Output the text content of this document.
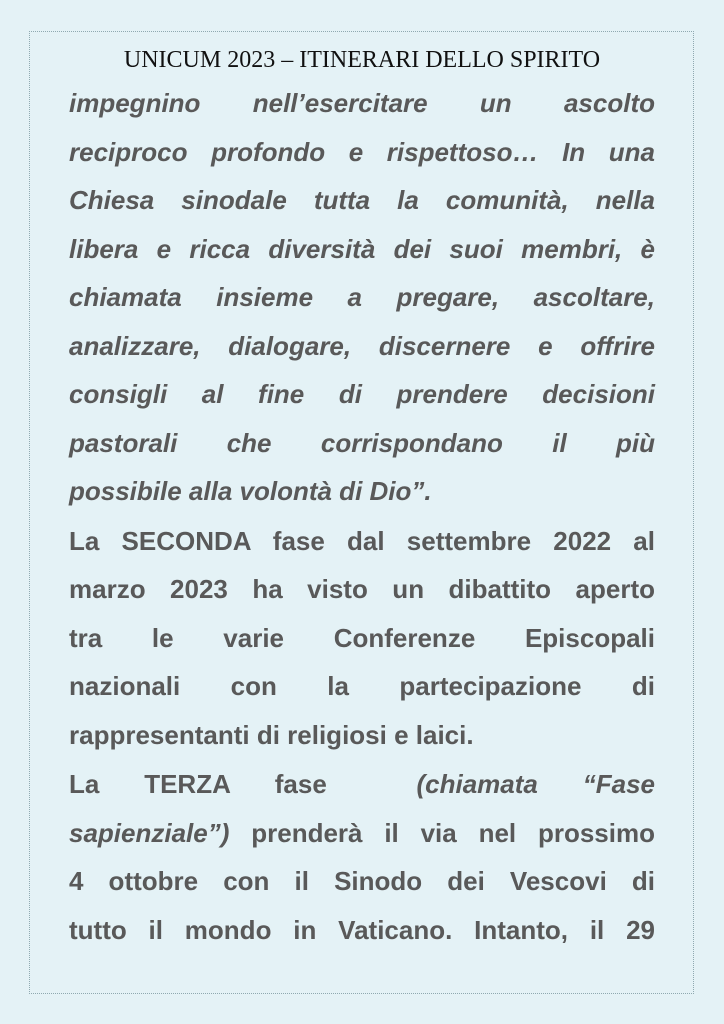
UNICUM 2023 – ITINERARI DELLO SPIRITO

impegnino nell’esercitare un ascolto

reciproco profondo e rispettoso… In una

Chiesa sinodale tutta la comunità, nella

libera e ricca diversità dei suoi membri, è

chiamata insieme a pregare, ascoltare,

analizzare, dialogare, discernere e offrire

consigli al fine di prendere decisioni

pastorali che corrispondano il più

possibile alla volontà di Dio”.

La SECONDA fase dal settembre 2022 al

marzo 2023 ha visto un dibattito aperto

tra le varie Conferenze Episcopali

nazionali con la partecipazione di

rappresentanti di religiosi e laici.

La TERZA fase	(chiamata “Fase

sapienziale”) prenderà il via nel prossimo

4 ottobre con il Sinodo dei Vescovi di

tutto il mondo in Vaticano. Intanto, il 29
